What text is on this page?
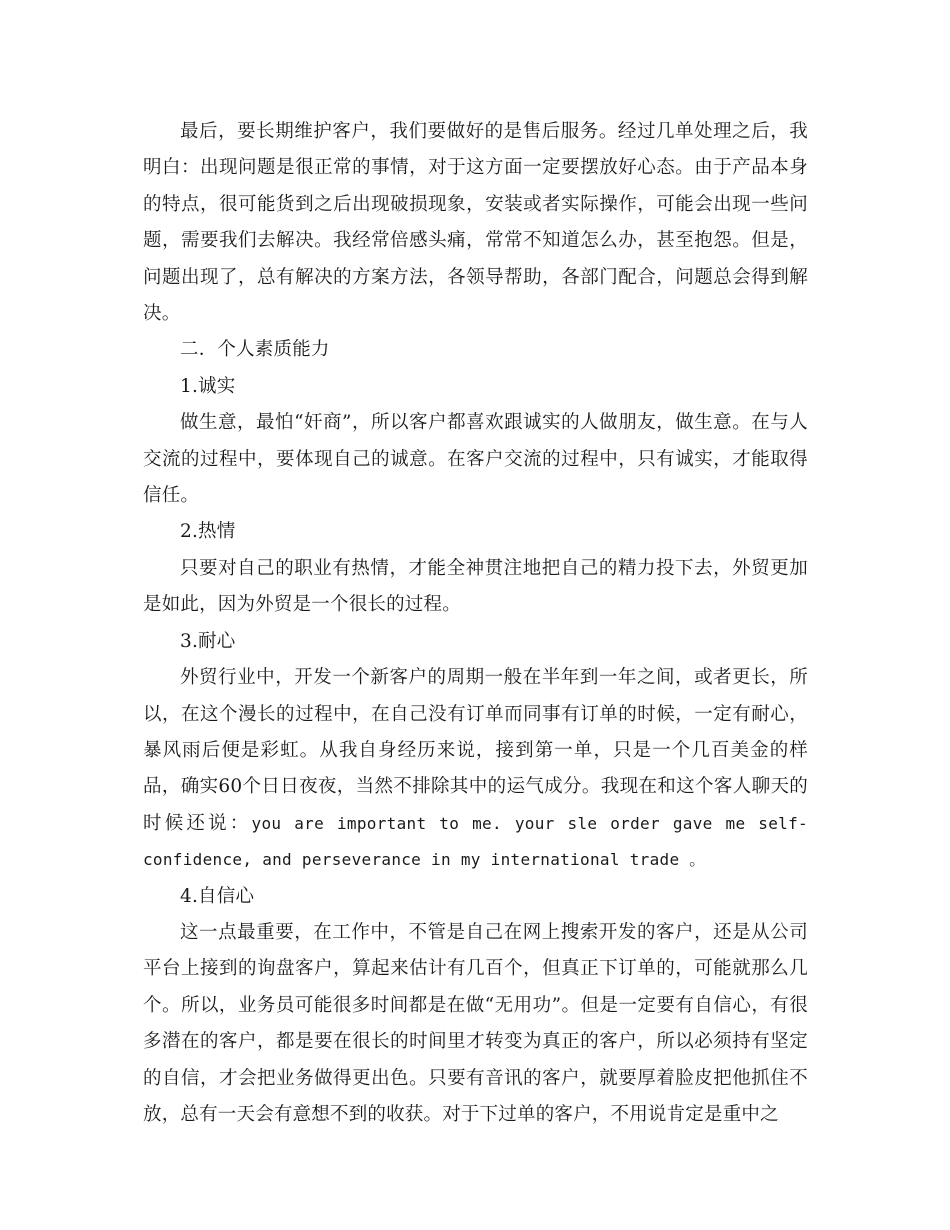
最后，要长期维护客户，我们要做好的是售后服务。经过几单处理之后，我明白：出现问题是很正常的事情，对于这方面一定要摆放好心态。由于产品本身的特点，很可能货到之后出现破损现象，安装或者实际操作，可能会出现一些问题，需要我们去解决。我经常倍感头痛，常常不知道怎么办，甚至抱怨。但是，问题出现了，总有解决的方案方法，各领导帮助，各部门配合，问题总会得到解决。

二．个人素质能力

1.诚实

做生意，最怕“奸商”，所以客户都喜欢跟诚实的人做朋友，做生意。在与人交流的过程中，要体现自己的诚意。在客户交流的过程中，只有诚实，才能取得信任。

2.热情

只要对自己的职业有热情，才能全神贯注地把自己的精力投下去，外贸更加是如此，因为外贸是一个很长的过程。

3.耐心

外贸行业中，开发一个新客户的周期一般在半年到一年之间，或者更长，所以，在这个漫长的过程中，在自己没有订单而同事有订单的时候，一定有耐心，暴风雨后便是彩虹。从我自身经历来说，接到第一单，只是一个几百美金的样品，确实60个日日夜夜，当然不排除其中的运气成分。我现在和这个客人聊天的时候还说：you are important to me. your sle order gave me self-confidence, and perseverance in my international trade 。

4.自信心

这一点最重要，在工作中，不管是自己在网上搜索开发的客户，还是从公司平台上接到的询盘客户，算起来估计有几百个，但真正下订单的，可能就那么几个。所以，业务员可能很多时间都是在做“无用功”。但是一定要有自信心，有很多潜在的客户，都是要在很长的时间里才转变为真正的客户，所以必须持有坚定的自信，才会把业务做得更出色。只要有音讯的客户，就要厚着脸皮把他抓住不放，总有一天会有意想不到的收获。对于下过单的客户，不用说肯定是重中之
